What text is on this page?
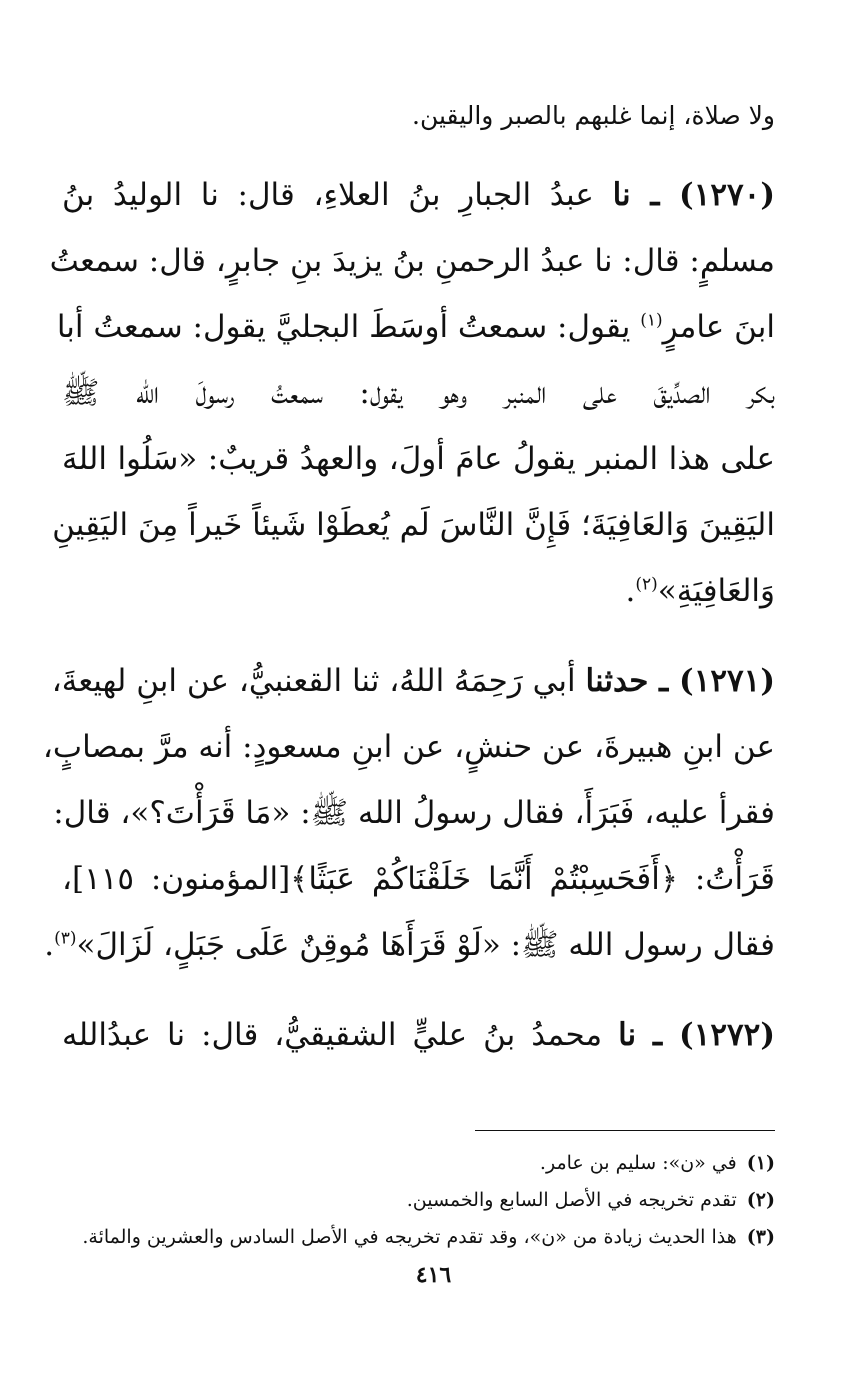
ولا صلاة، إنما غلبهم بالصبر واليقين.
(١٢٧٠) ـ نا عبدُ الجبارِ بنُ العلاءِ، قال: نا الوليدُ بنُ
مسلمٍ: قال: نا عبدُ الرحمنِ بنُ يزيدَ بنِ جابرٍ، قال: سمعتُ
ابنَ عامرٍ$^{(١)}$ يقول: سمعتُ أوسَطَ البجليَّ يقول: سمعتُ أبا
بكر الصدِّيقَ على المنبر وهو يقول: سمعتُ رسولَ الله ﷺ
على هذا المنبر يقولُ عامَ أولَ، والعهدُ قريبٌ: «سَلُوا اللهَ
اليَقِينَ وَالعَافِيَةَ؛ فَإِنَّ النَّاسَ لَم يُعطَوْا شَيئاً خَيراً مِنَ اليَقِينِ
وَالعَافِيَةِ»$^{(٢)}$.
(١٢٧١) ـ حدثنا أبي رَحِمَهُ اللهُ، ثنا القعنبيُّ، عن ابنِ لهيعةَ،
عن ابنِ هبيرةَ، عن حنشٍ، عن ابنِ مسعودٍ: أنه مرَّ بمصابٍ،
فقرأ عليه، فَبَرَأَ، فقال رسولُ الله ﷺ: «مَا قَرَأْتَ؟»، قال:
قَرَأْتُ: ﴿أَفَحَسِبْتُمْ أَنَّمَا خَلَقْنَاكُمْ عَبَثًا﴾[المؤمنون: ١١٥]،
فقال رسول الله ﷺ: «لَوْ قَرَأَهَا مُوقِنٌ عَلَى جَبَلٍ، لَزَالَ»$^{(٣)}$.
(١٢٧٢) ـ نا محمدُ بنُ عليٍّ الشقيقيُّ، قال: نا عبدُالله
(١)في «ن»: سليم بن عامر.
(٢)تقدم تخريجه في الأصل السابع والخمسين.
(٣)هذا الحديث زيادة من «ن»، وقد تقدم تخريجه في الأصل السادس والعشرين والمائة.
٤١٦
